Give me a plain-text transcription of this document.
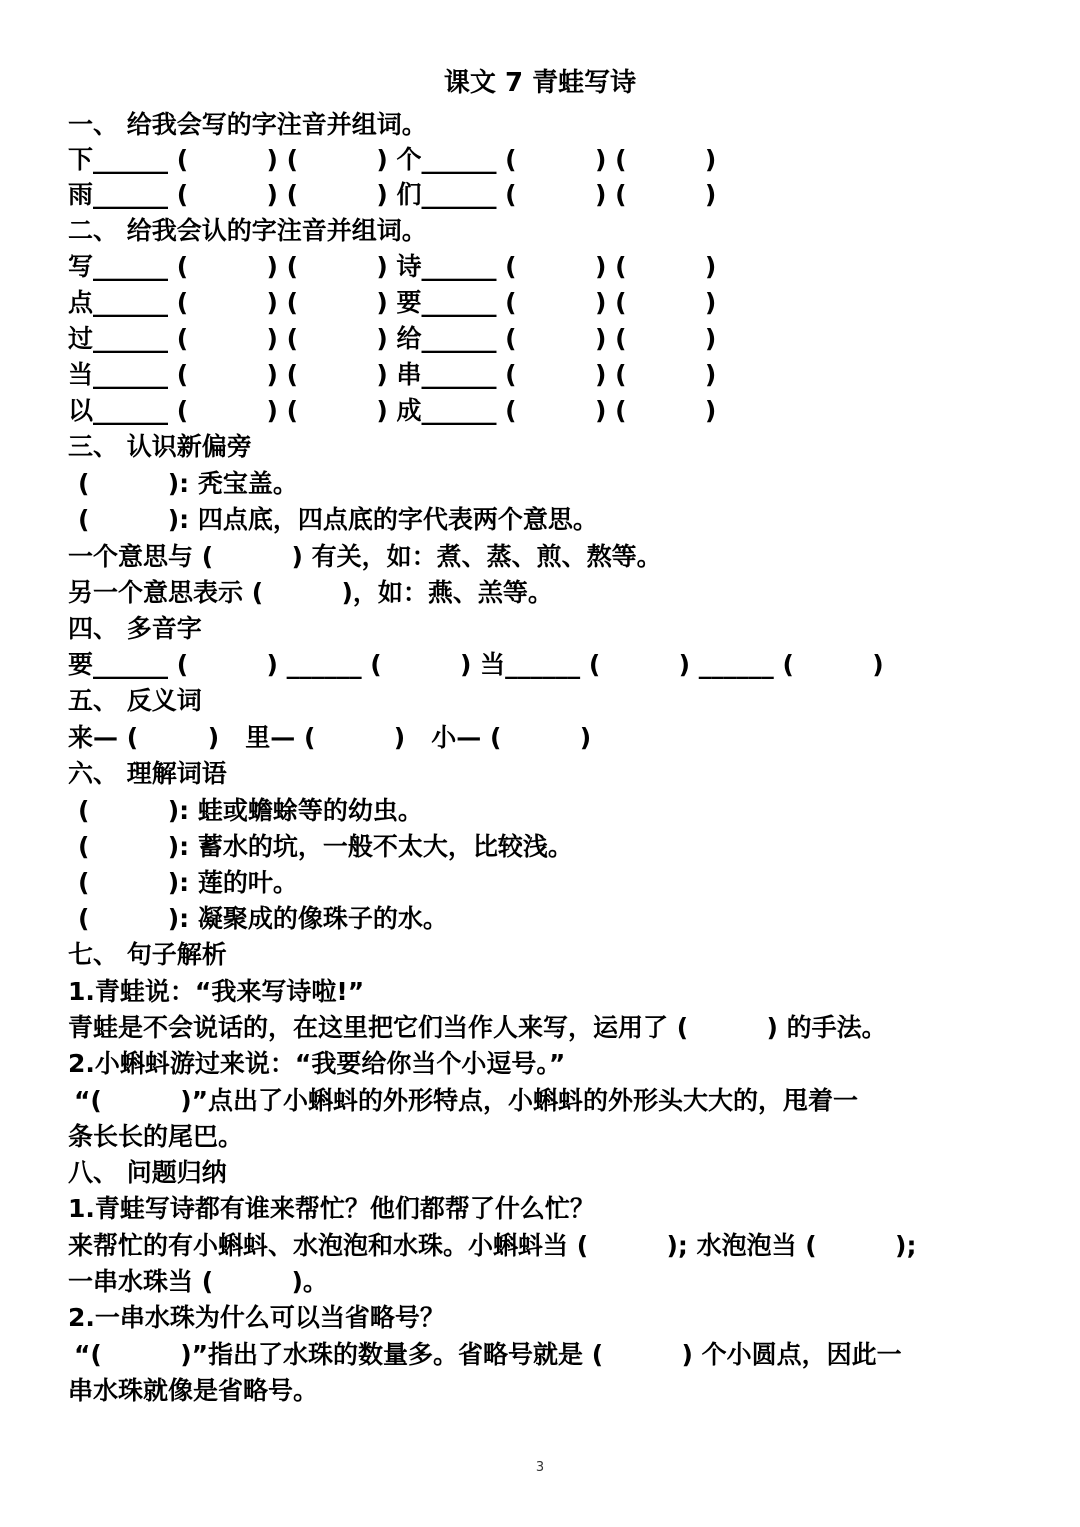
课文 7 青蛙写诗
一、 给我会写的字注音并组词。
下______ (         ) (         ) 个______ (         ) (         )
雨______ (         ) (         ) 们______ (         ) (         )
二、 给我会认的字注音并组词。
写______ (         ) (         ) 诗______ (         ) (         )
点______ (         ) (         ) 要______ (         ) (         )
过______ (         ) (         ) 给______ (         ) (         )
当______ (         ) (         ) 串______ (         ) (         )
以______ (         ) (         ) 成______ (         ) (         )
三、 认识新偏旁
(         ): 秃宝盖。
(         ): 四点底，四点底的字代表两个意思。
一个意思与 (         ) 有关，如：煮、蒸、煎、熬等。
另一个意思表示 (         )，如：燕、羔等。
四、 多音字
要______ (         ) ______ (         ) 当______ (         ) ______ (         )
五、 反义词
来— (        )   里— (         )   小— (         )
六、 理解词语
(         ): 蛙或蟾蜍等的幼虫。
(         ): 蓄水的坑，一般不太大，比较浅。
(         ): 莲的叶。
(         ): 凝聚成的像珠子的水。
七、 句子解析
1.青蛙说：“我来写诗啦!”
青蛙是不会说话的，在这里把它们当作人来写，运用了 (         ) 的手法。
2.小蝌蚪游过来说：“我要给你当个小逗号。”
“(         )”点出了小蝌蚪的外形特点，小蝌蚪的外形头大大的，甩着一
条长长的尾巴。
八、 问题归纳
1.青蛙写诗都有谁来帮忙？他们都帮了什么忙？
来帮忙的有小蝌蚪、水泡泡和水珠。小蝌蚪当 (         ); 水泡泡当 (         );
一串水珠当 (         )。
2.一串水珠为什么可以当省略号？
“(         )”指出了水珠的数量多。省略号就是 (         ) 个小圆点，因此一
串水珠就像是省略号。
3
